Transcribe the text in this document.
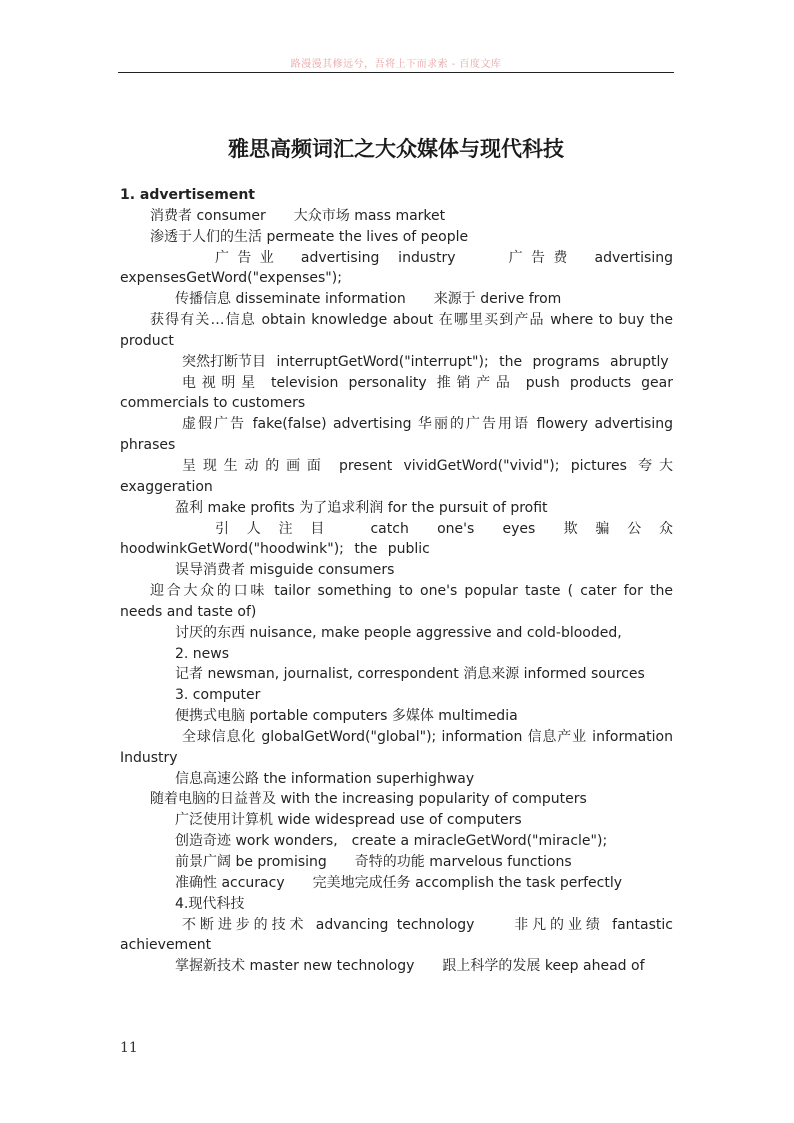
路漫漫其修远兮，吾将上下而求索 - 百度文库
雅思高频词汇之大众媒体与现代科技

1. advertisement

消费者 consumer　　大众市场 mass market

渗透于人们的生活 permeate the lives of people

广告业 advertising industry　　广告费 advertising expensesGetWord("expenses");

传播信息 disseminate information　　来源于 derive from

获得有关…信息 obtain knowledge about 在哪里买到产品 where to buy the product

突然打断节目 interruptGetWord("interrupt"); the programs abruptly

电视明星 television personality 推销产品 push products gear commercials to customers

虚假广告 fake(false) advertising 华丽的广告用语 flowery advertising phrases

呈现生动的画面 present vividGetWord("vivid"); pictures 夸大 exaggeration

盈利 make profits 为了追求利润 for the pursuit of profit

引人注目 catch one's eyes 欺骗公众 hoodwinkGetWord("hoodwink"); the public

误导消费者 misguide consumers

迎合大众的口味 tailor something to one's popular taste ( cater for the needs and taste of)

讨厌的东西 nuisance, make people aggressive and cold-blooded,

2. news

记者 newsman, journalist, correspondent 消息来源 informed sources

3. computer

便携式电脑 portable computers 多媒体 multimedia

全球信息化 globalGetWord("global"); information 信息产业 information Industry

信息高速公路 the information superhighway

随着电脑的日益普及 with the increasing popularity of computers

广泛使用计算机 wide widespread use of computers

创造奇迹 work wonders,　create a miracleGetWord("miracle");

前景广阔 be promising　　奇特的功能 marvelous functions

准确性 accuracy　　完美地完成任务 accomplish the task perfectly

4.现代科技

不断进步的技术 advancing technology　　非凡的业绩 fantastic achievement

掌握新技术 master new technology　　跟上科学的发展 keep ahead of

11
